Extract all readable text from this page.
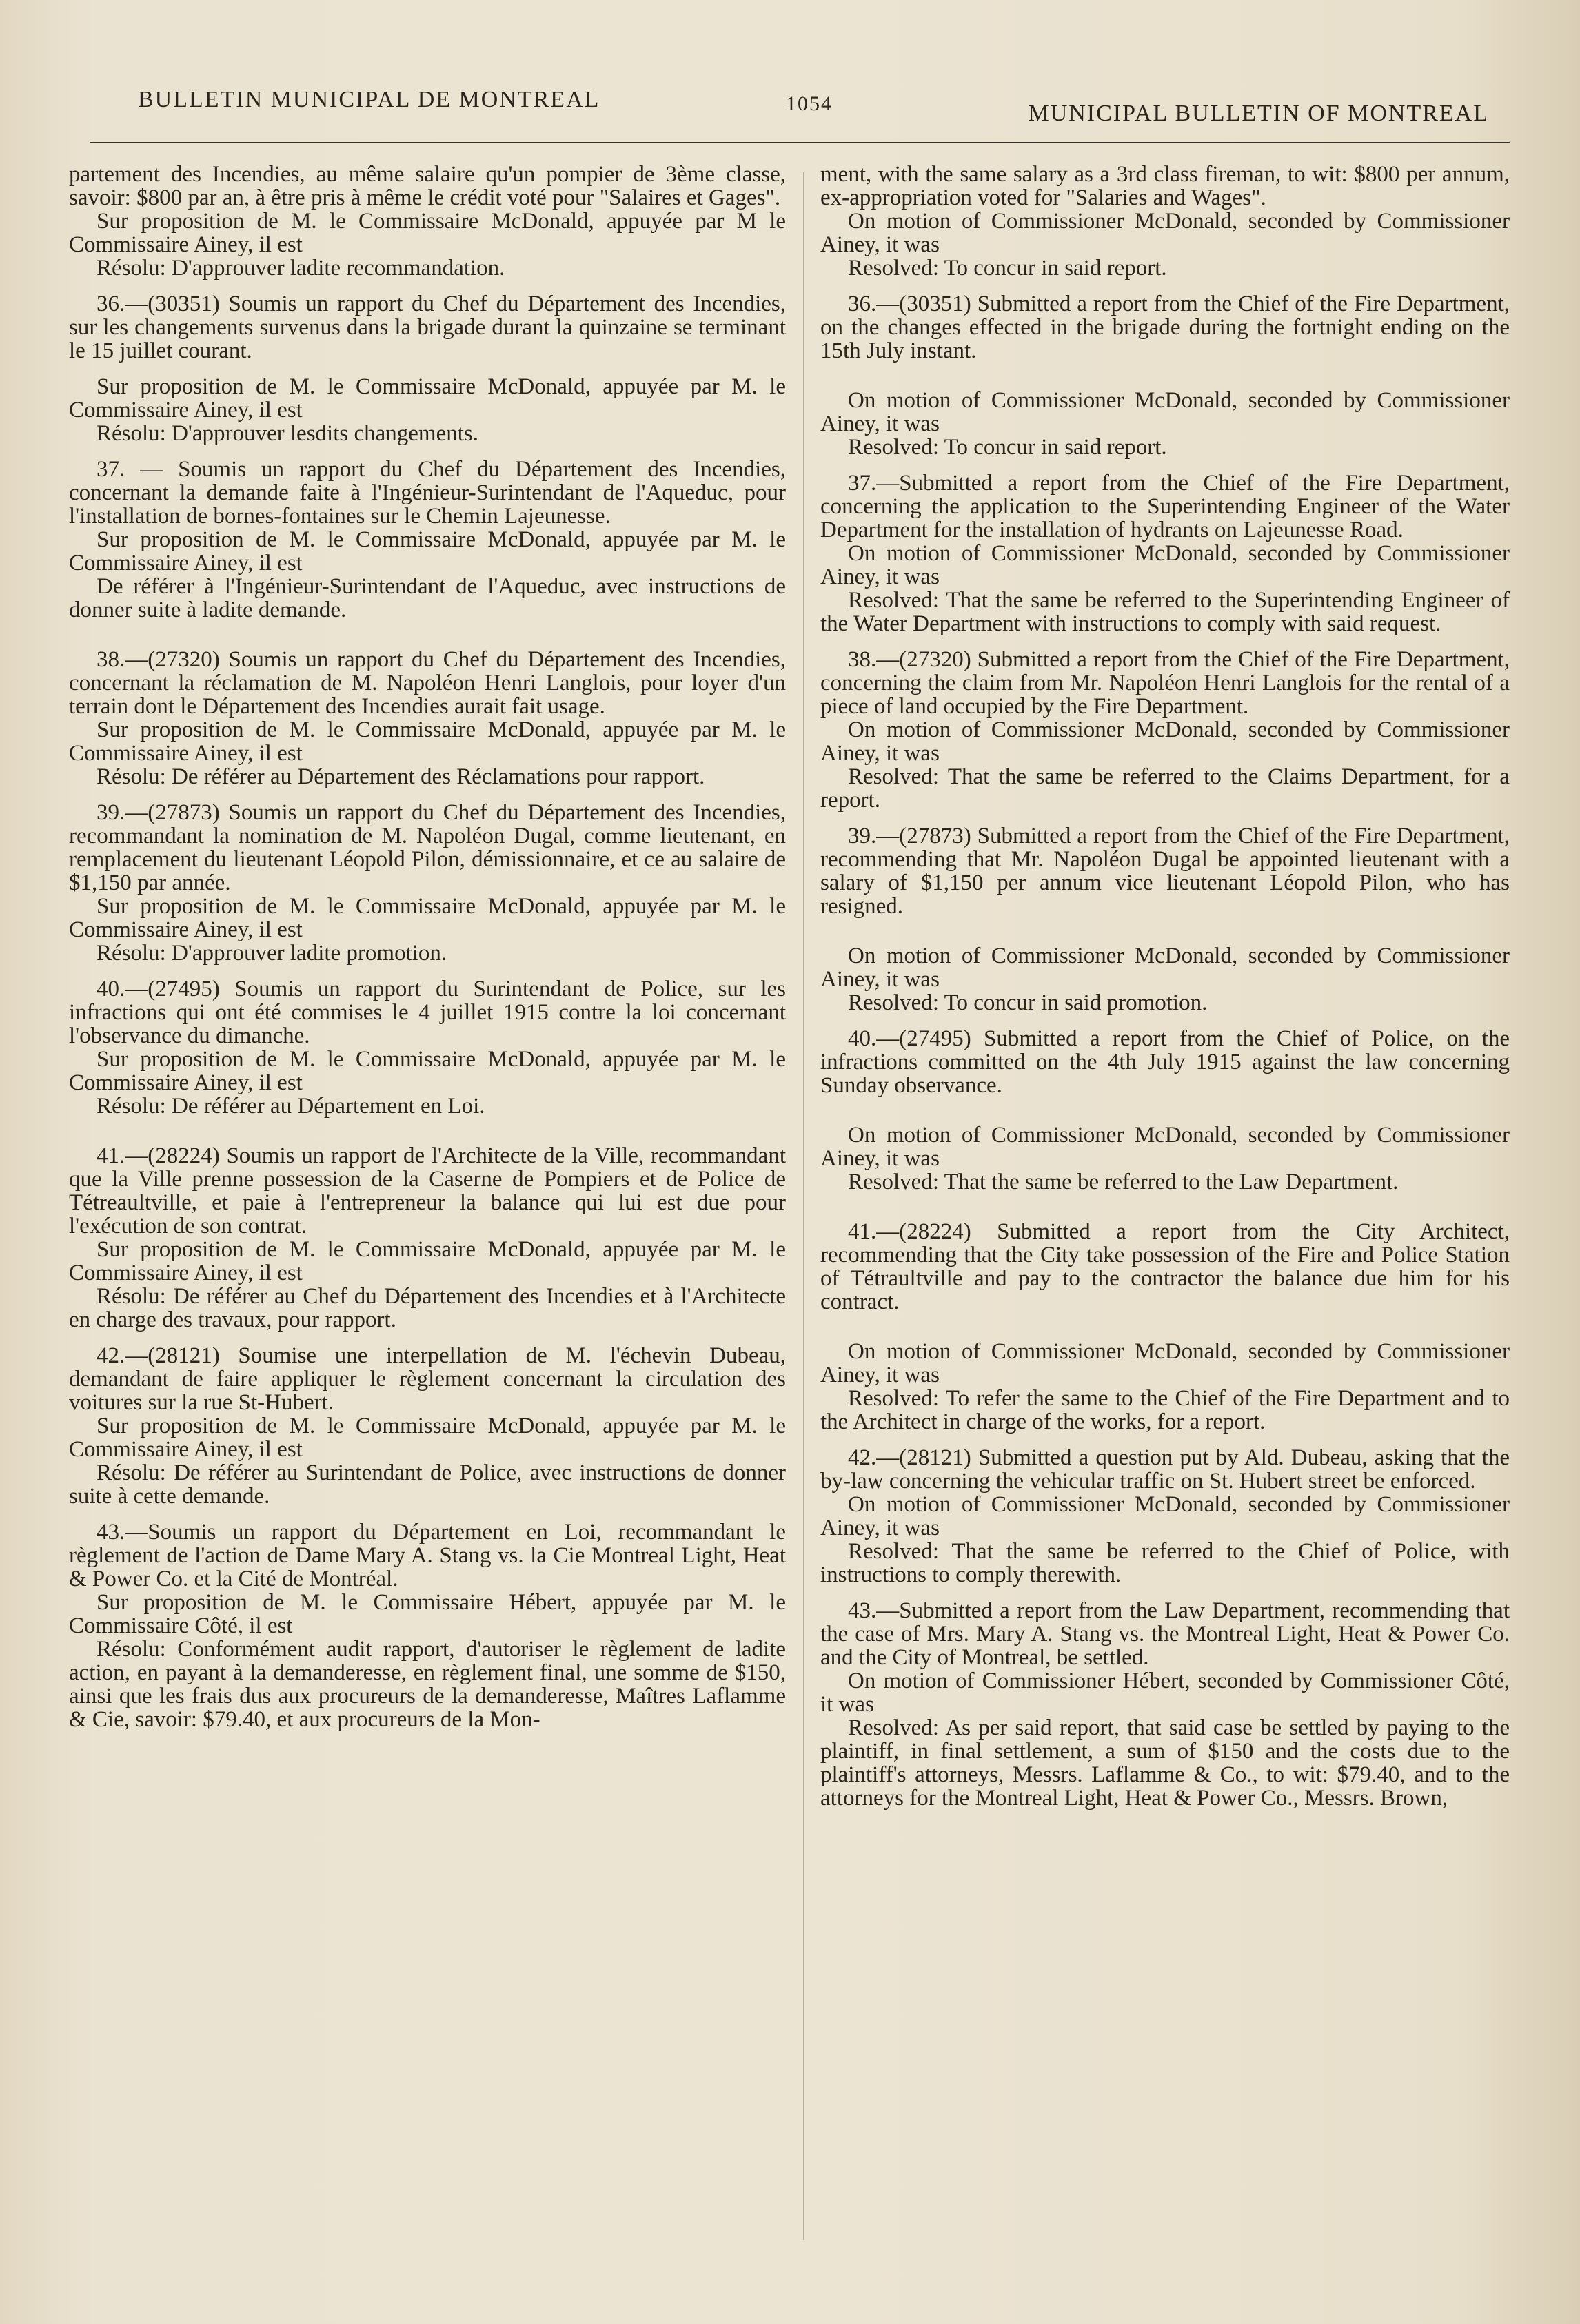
BULLETIN MUNICIPAL DE MONTREAL	1054	MUNICIPAL BULLETIN OF MONTREAL

partement des Incendies, au même salaire qu'un pompier de 3ème classe, savoir: $800 par an, à être pris à même le crédit voté pour "Salaires et Gages".

Sur proposition de M. le Commissaire McDonald, appuyée par M le Commissaire Ainey, il est

Résolu: D'approuver ladite recommandation.

36.—(30351) Soumis un rapport du Chef du Département des Incendies, sur les changements survenus dans la brigade durant la quinzaine se terminant le 15 juillet courant.

Sur proposition de M. le Commissaire McDonald, appuyée par M. le Commissaire Ainey, il est

Résolu: D'approuver lesdits changements.

37. — Soumis un rapport du Chef du Département des Incendies, concernant la demande faite à l'Ingénieur-Surintendant de l'Aqueduc, pour l'installation de bornes-fontaines sur le Chemin Lajeunesse.

Sur proposition de M. le Commissaire McDonald, appuyée par M. le Commissaire Ainey, il est

De référer à l'Ingénieur-Surintendant de l'Aqueduc, avec instructions de donner suite à ladite demande.

38.—(27320) Soumis un rapport du Chef du Département des Incendies, concernant la réclamation de M. Napoléon Henri Langlois, pour loyer d'un terrain dont le Département des Incendies aurait fait usage.

Sur proposition de M. le Commissaire McDonald, appuyée par M. le Commissaire Ainey, il est

Résolu: De référer au Département des Réclamations pour rapport.

39.—(27873) Soumis un rapport du Chef du Département des Incendies, recommandant la nomination de M. Napoléon Dugal, comme lieutenant, en remplacement du lieutenant Léopold Pilon, démissionnaire, et ce au salaire de $1,150 par année.

Sur proposition de M. le Commissaire McDonald, appuyée par M. le Commissaire Ainey, il est

Résolu: D'approuver ladite promotion.

40.—(27495) Soumis un rapport du Surintendant de Police, sur les infractions qui ont été commises le 4 juillet 1915 contre la loi concernant l'observance du dimanche.

Sur proposition de M. le Commissaire McDonald, appuyée par M. le Commissaire Ainey, il est

Résolu: De référer au Département en Loi.

41.—(28224) Soumis un rapport de l'Architecte de la Ville, recommandant que la Ville prenne possession de la Caserne de Pompiers et de Police de Tétreaultville, et paie à l'entrepreneur la balance qui lui est due pour l'exécution de son contrat.

Sur proposition de M. le Commissaire McDonald, appuyée par M. le Commissaire Ainey, il est

Résolu: De référer au Chef du Département des Incendies et à l'Architecte en charge des travaux, pour rapport.

42.—(28121) Soumise une interpellation de M. l'échevin Dubeau, demandant de faire appliquer le règlement concernant la circulation des voitures sur la rue St-Hubert.

Sur proposition de M. le Commissaire McDonald, appuyée par M. le Commissaire Ainey, il est

Résolu: De référer au Surintendant de Police, avec instructions de donner suite à cette demande.

43.—Soumis un rapport du Département en Loi, recommandant le règlement de l'action de Dame Mary A. Stang vs. la Cie Montreal Light, Heat & Power Co. et la Cité de Montréal.

Sur proposition de M. le Commissaire Hébert, appuyée par M. le Commissaire Côté, il est

Résolu: Conformément audit rapport, d'autoriser le règlement de ladite action, en payant à la demanderesse, en règlement final, une somme de $150, ainsi que les frais dus aux procureurs de la demanderesse, Maîtres Laflamme & Cie, savoir: $79.40, et aux procureurs de la Mon-

ment, with the same salary as a 3rd class fireman, to wit: $800 per annum, ex-appropriation voted for "Salaries and Wages".

On motion of Commissioner McDonald, seconded by Commissioner Ainey, it was

Resolved: To concur in said report.

36.—(30351) Submitted a report from the Chief of the Fire Department, on the changes effected in the brigade during the fortnight ending on the 15th July instant.

On motion of Commissioner McDonald, seconded by Commissioner Ainey, it was

Resolved: To concur in said report.

37.—Submitted a report from the Chief of the Fire Department, concerning the application to the Superintending Engineer of the Water Department for the installation of hydrants on Lajeunesse Road.

On motion of Commissioner McDonald, seconded by Commissioner Ainey, it was

Resolved: That the same be referred to the Superintending Engineer of the Water Department with instructions to comply with said request.

38.—(27320) Submitted a report from the Chief of the Fire Department, concerning the claim from Mr. Napoléon Henri Langlois for the rental of a piece of land occupied by the Fire Department.

On motion of Commissioner McDonald, seconded by Commissioner Ainey, it was

Resolved: That the same be referred to the Claims Department, for a report.

39.—(27873) Submitted a report from the Chief of the Fire Department, recommending that Mr. Napoléon Dugal be appointed lieutenant with a salary of $1,150 per annum vice lieutenant Léopold Pilon, who has resigned.

On motion of Commissioner McDonald, seconded by Commissioner Ainey, it was

Resolved: To concur in said promotion.

40.—(27495) Submitted a report from the Chief of Police, on the infractions committed on the 4th July 1915 against the law concerning Sunday observance.

On motion of Commissioner McDonald, seconded by Commissioner Ainey, it was

Resolved: That the same be referred to the Law Department.

41.—(28224) Submitted a report from the City Architect, recommending that the City take possession of the Fire and Police Station of Tétraultville and pay to the contractor the balance due him for his contract.

On motion of Commissioner McDonald, seconded by Commissioner Ainey, it was

Resolved: To refer the same to the Chief of the Fire Department and to the Architect in charge of the works, for a report.

42.—(28121) Submitted a question put by Ald. Dubeau, asking that the by-law concerning the vehicular traffic on St. Hubert street be enforced.

On motion of Commissioner McDonald, seconded by Commissioner Ainey, it was

Resolved: That the same be referred to the Chief of Police, with instructions to comply therewith.

43.—Submitted a report from the Law Department, recommending that the case of Mrs. Mary A. Stang vs. the Montreal Light, Heat & Power Co. and the City of Montreal, be settled.

On motion of Commissioner Hébert, seconded by Commissioner Côté, it was

Resolved: As per said report, that said case be settled by paying to the plaintiff, in final settlement, a sum of $150 and the costs due to the plaintiff's attorneys, Messrs. Laflamme & Co., to wit: $79.40, and to the attorneys for the Montreal Light, Heat & Power Co., Messrs. Brown,
